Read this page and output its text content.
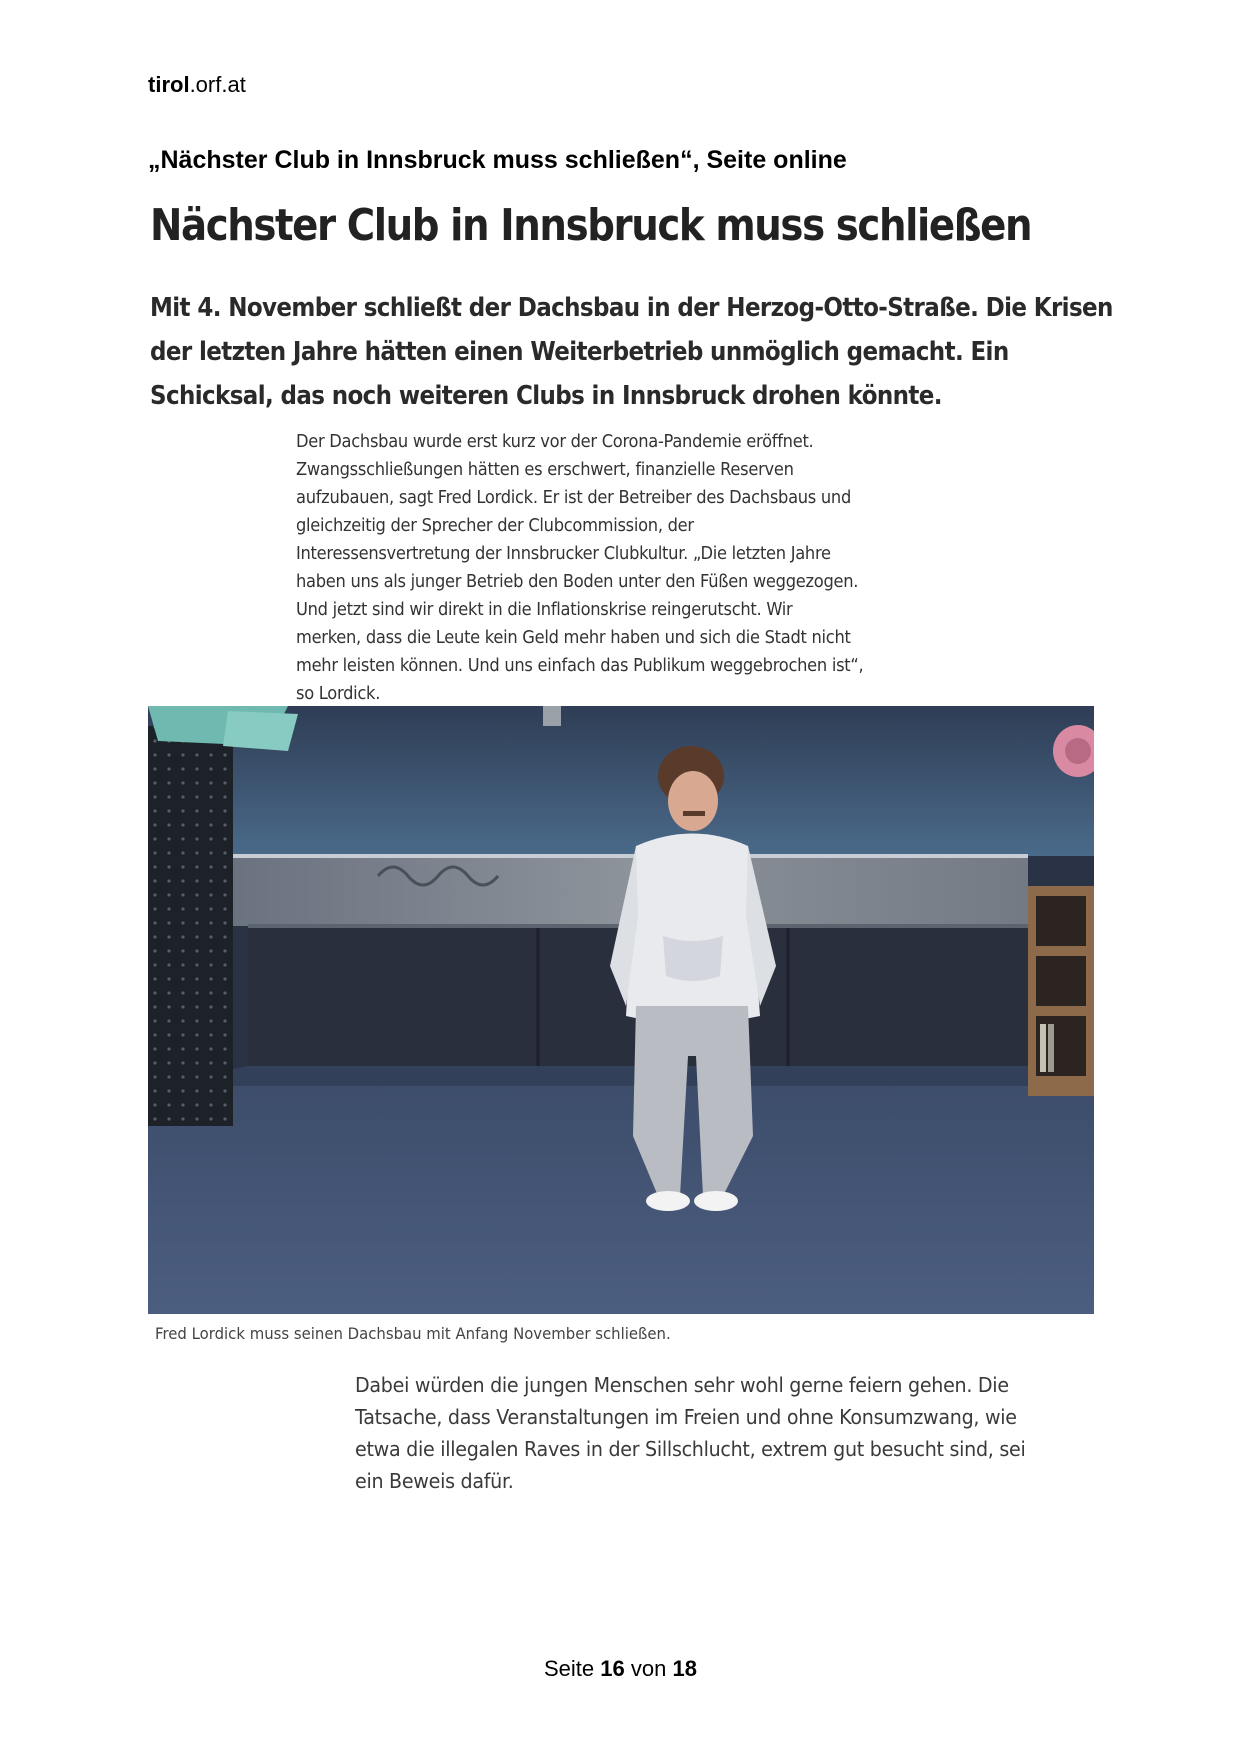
tirol.orf.at
„Nächster Club in Innsbruck muss schließen“, Seite online
Nächster Club in Innsbruck muss schließen
Mit 4. November schließt der Dachsbau in der Herzog-Otto-Straße. Die Krisen
der letzten Jahre hätten einen Weiterbetrieb unmöglich gemacht. Ein
Schicksal, das noch weiteren Clubs in Innsbruck drohen könnte.
Der Dachsbau wurde erst kurz vor der Corona-Pandemie eröffnet.
Zwangsschließungen hätten es erschwert, finanzielle Reserven
aufzubauen, sagt Fred Lordick. Er ist der Betreiber des Dachsbaus und
gleichzeitig der Sprecher der Clubcommission, der
Interessensvertretung der Innsbrucker Clubkultur. „Die letzten Jahre
haben uns als junger Betrieb den Boden unter den Füßen weggezogen.
Und jetzt sind wir direkt in die Inflationskrise reingerutscht. Wir
merken, dass die Leute kein Geld mehr haben und sich die Stadt nicht
mehr leisten können. Und uns einfach das Publikum weggebrochen ist“,
so Lordick.
Fred Lordick muss seinen Dachsbau mit Anfang November schließen.
Dabei würden die jungen Menschen sehr wohl gerne feiern gehen. Die
Tatsache, dass Veranstaltungen im Freien und ohne Konsumzwang, wie
etwa die illegalen Raves in der Sillschlucht, extrem gut besucht sind, sei
ein Beweis dafür.
Seite 16 von 18
